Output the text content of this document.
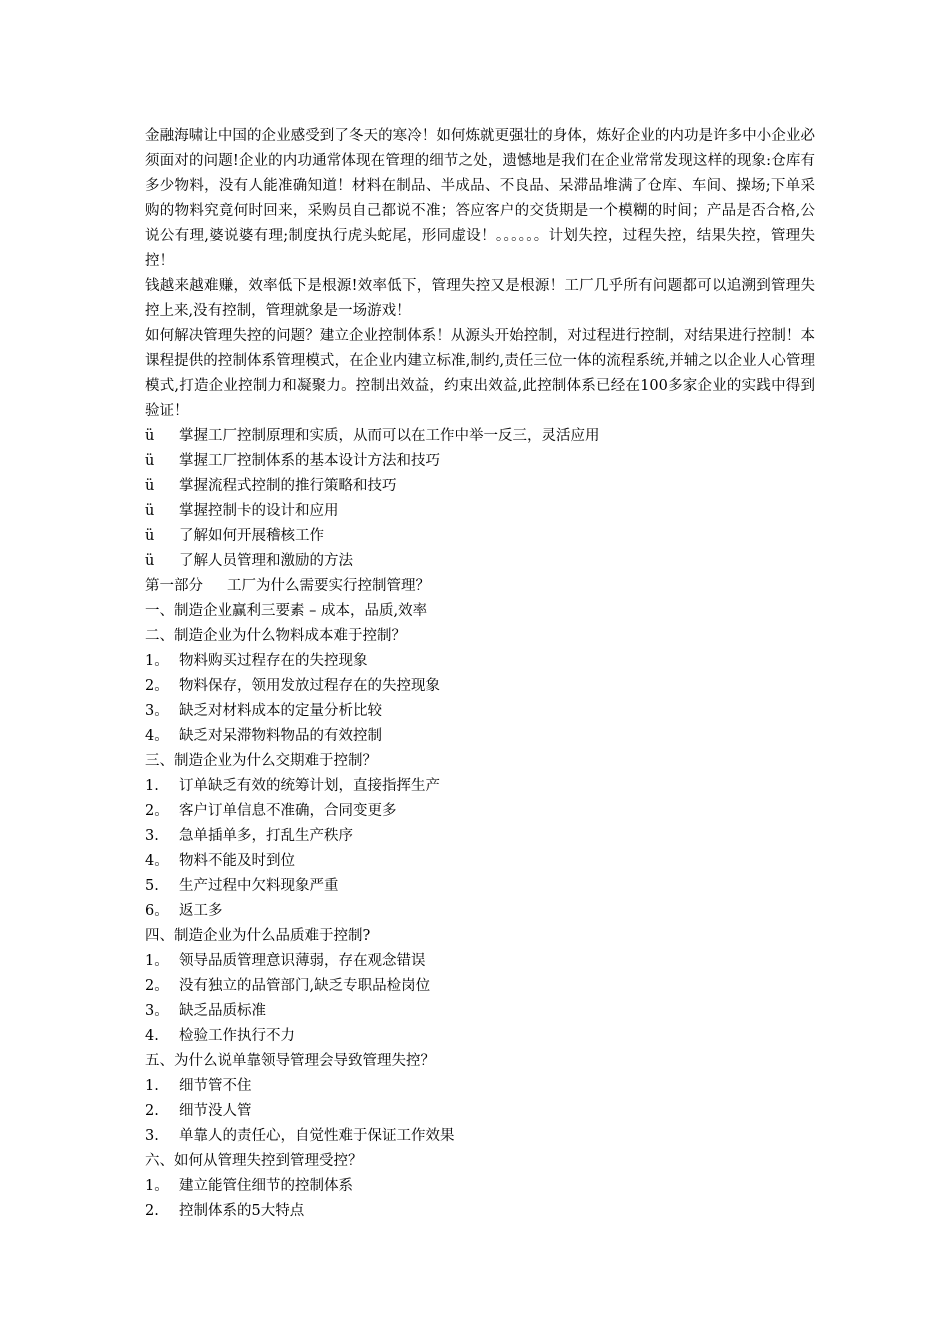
金融海啸让中国的企业感受到了冬天的寒冷！如何炼就更强壮的身体，炼好企业的内功是许多中小企业必须面对的问题!企业的内功通常体现在管理的细节之处，遗憾地是我们在企业常常发现这样的现象:仓库有多少物料，没有人能准确知道！材料在制品、半成品、不良品、呆滞品堆满了仓库、车间、操场;下单采购的物料究竟何时回来，采购员自己都说不准；答应客户的交货期是一个模糊的时间；产品是否合格,公说公有理,婆说婆有理;制度执行虎头蛇尾，形同虚设！。。。。。。计划失控，过程失控，结果失控，管理失控！

钱越来越难赚，效率低下是根源!效率低下，管理失控又是根源！工厂几乎所有问题都可以追溯到管理失控上来,没有控制，管理就象是一场游戏！

如何解决管理失控的问题？建立企业控制体系！从源头开始控制，对过程进行控制，对结果进行控制！本课程提供的控制体系管理模式，在企业内建立标准,制约,责任三位一体的流程系统,并辅之以企业人心管理模式,打造企业控制力和凝聚力。控制出效益，约束出效益,此控制体系已经在100多家企业的实践中得到验证！

ü 掌握工厂控制原理和实质，从而可以在工作中举一反三，灵活应用
ü 掌握工厂控制体系的基本设计方法和技巧
ü 掌握流程式控制的推行策略和技巧
ü 掌握控制卡的设计和应用
ü 了解如何开展稽核工作
ü 了解人员管理和激励的方法
第一部分 工厂为什么需要实行控制管理？
一、制造企业赢利三要素 – 成本，品质,效率
二、制造企业为什么物料成本难于控制？
1。 物料购买过程存在的失控现象
2。 物料保存，领用发放过程存在的失控现象
3。 缺乏对材料成本的定量分析比较
4。 缺乏对呆滞物料物品的有效控制
三、制造企业为什么交期难于控制？
1. 订单缺乏有效的统筹计划，直接指挥生产
2。 客户订单信息不准确，合同变更多
3. 急单插单多，打乱生产秩序
4。 物料不能及时到位
5. 生产过程中欠料现象严重
6。 返工多
四、制造企业为什么品质难于控制?
1。 领导品质管理意识薄弱，存在观念错误
2。 没有独立的品管部门,缺乏专职品检岗位
3。 缺乏品质标准
4. 检验工作执行不力
五、为什么说单靠领导管理会导致管理失控？
1. 细节管不住
2. 细节没人管
3. 单靠人的责任心，自觉性难于保证工作效果
六、如何从管理失控到管理受控？
1。 建立能管住细节的控制体系
2. 控制体系的5大特点
